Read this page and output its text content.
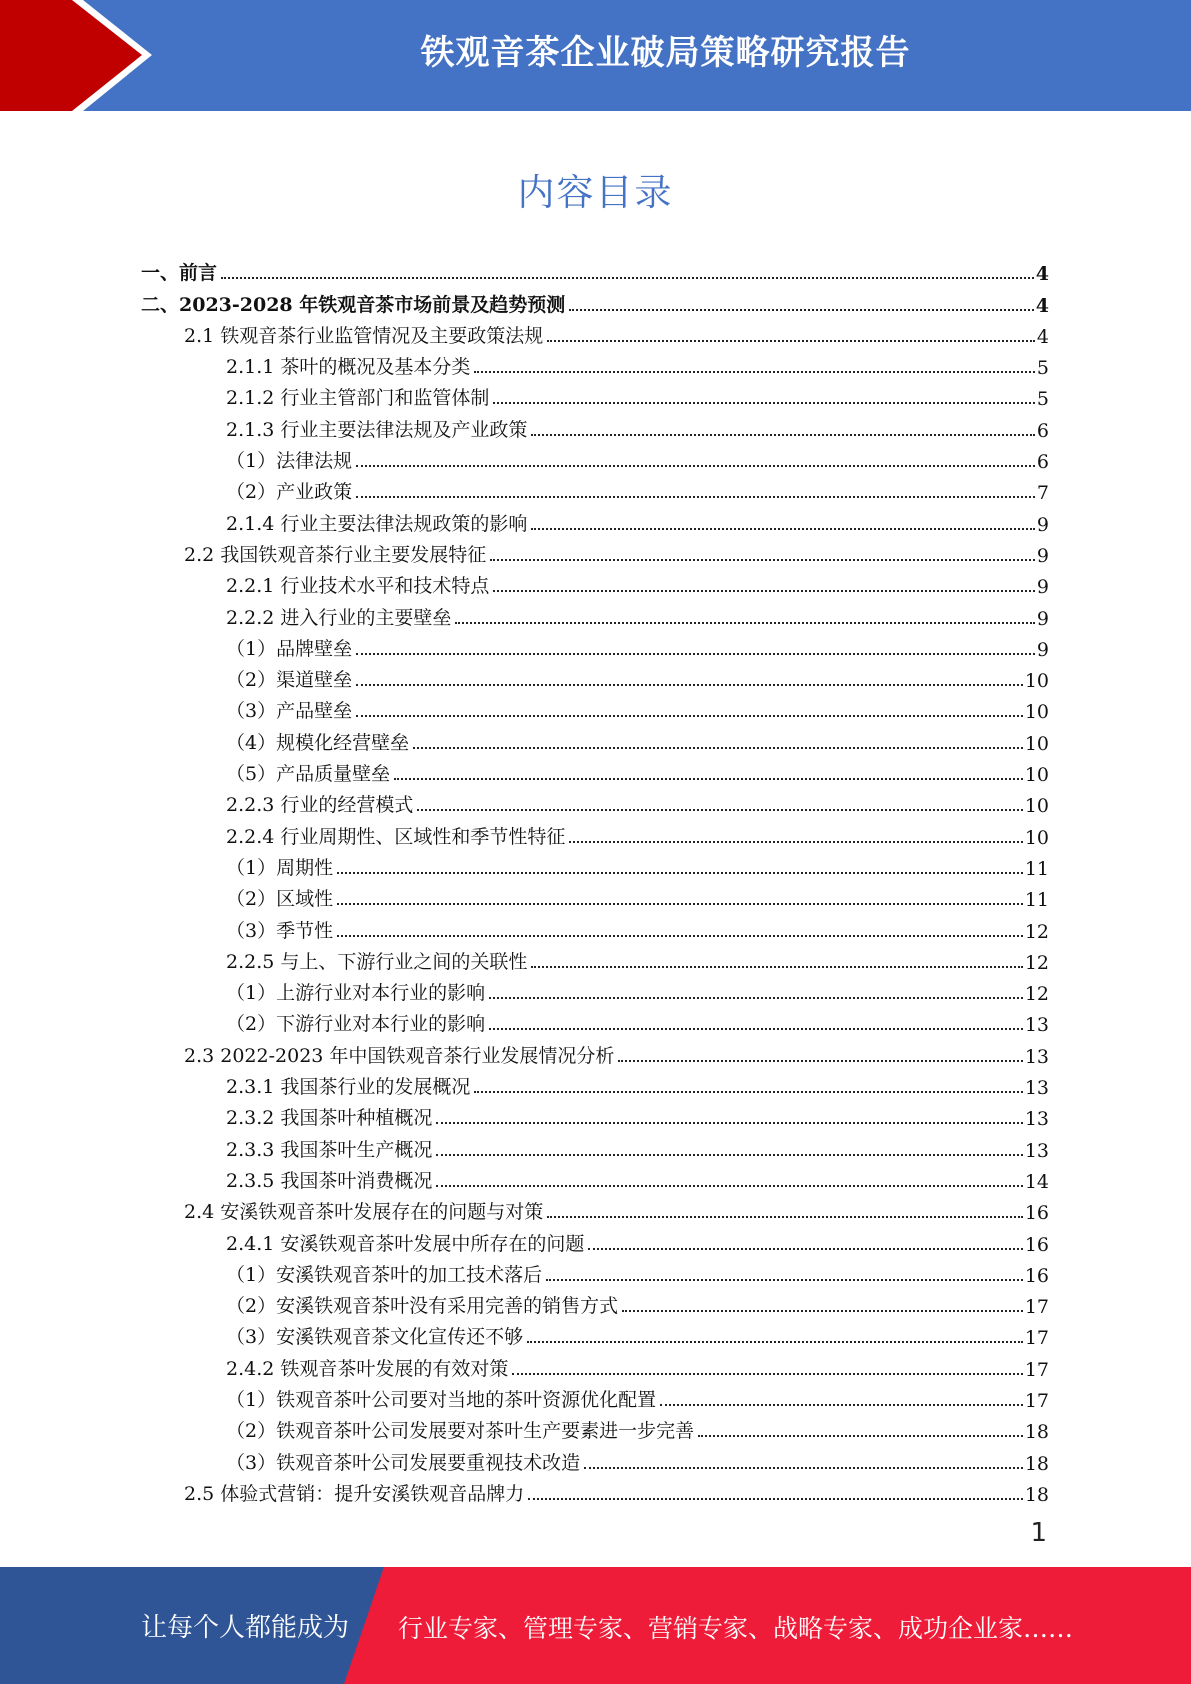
铁观音茶企业破局策略研究报告
内容目录
一、前言	4
二、2023-2028 年铁观音茶市场前景及趋势预测	4
2.1 铁观音茶行业监管情况及主要政策法规	4
2.1.1 茶叶的概况及基本分类	5
2.1.2 行业主管部门和监管体制	5
2.1.3 行业主要法律法规及产业政策	6
（1）法律法规	6
（2）产业政策	7
2.1.4 行业主要法律法规政策的影响	9
2.2 我国铁观音茶行业主要发展特征	9
2.2.1 行业技术水平和技术特点	9
2.2.2 进入行业的主要壁垒	9
（1）品牌壁垒	9
（2）渠道壁垒	10
（3）产品壁垒	10
（4）规模化经营壁垒	10
（5）产品质量壁垒	10
2.2.3 行业的经营模式	10
2.2.4 行业周期性、区域性和季节性特征	10
（1）周期性	11
（2）区域性	11
（3）季节性	12
2.2.5 与上、下游行业之间的关联性	12
（1）上游行业对本行业的影响	12
（2）下游行业对本行业的影响	13
2.3 2022-2023 年中国铁观音茶行业发展情况分析	13
2.3.1 我国茶行业的发展概况	13
2.3.2 我国茶叶种植概况	13
2.3.3 我国茶叶生产概况	13
2.3.5 我国茶叶消费概况	14
2.4 安溪铁观音茶叶发展存在的问题与对策	16
2.4.1 安溪铁观音茶叶发展中所存在的问题	16
（1）安溪铁观音茶叶的加工技术落后	16
（2）安溪铁观音茶叶没有采用完善的销售方式	17
（3）安溪铁观音茶文化宣传还不够	17
2.4.2 铁观音茶叶发展的有效对策	17
（1）铁观音茶叶公司要对当地的茶叶资源优化配置	17
（2）铁观音茶叶公司发展要对茶叶生产要素进一步完善	18
（3）铁观音茶叶公司发展要重视技术改造	18
2.5 体验式营销：提升安溪铁观音品牌力	18
1
让每个人都能成为 行业专家、管理专家、营销专家、战略专家、成功企业家……
